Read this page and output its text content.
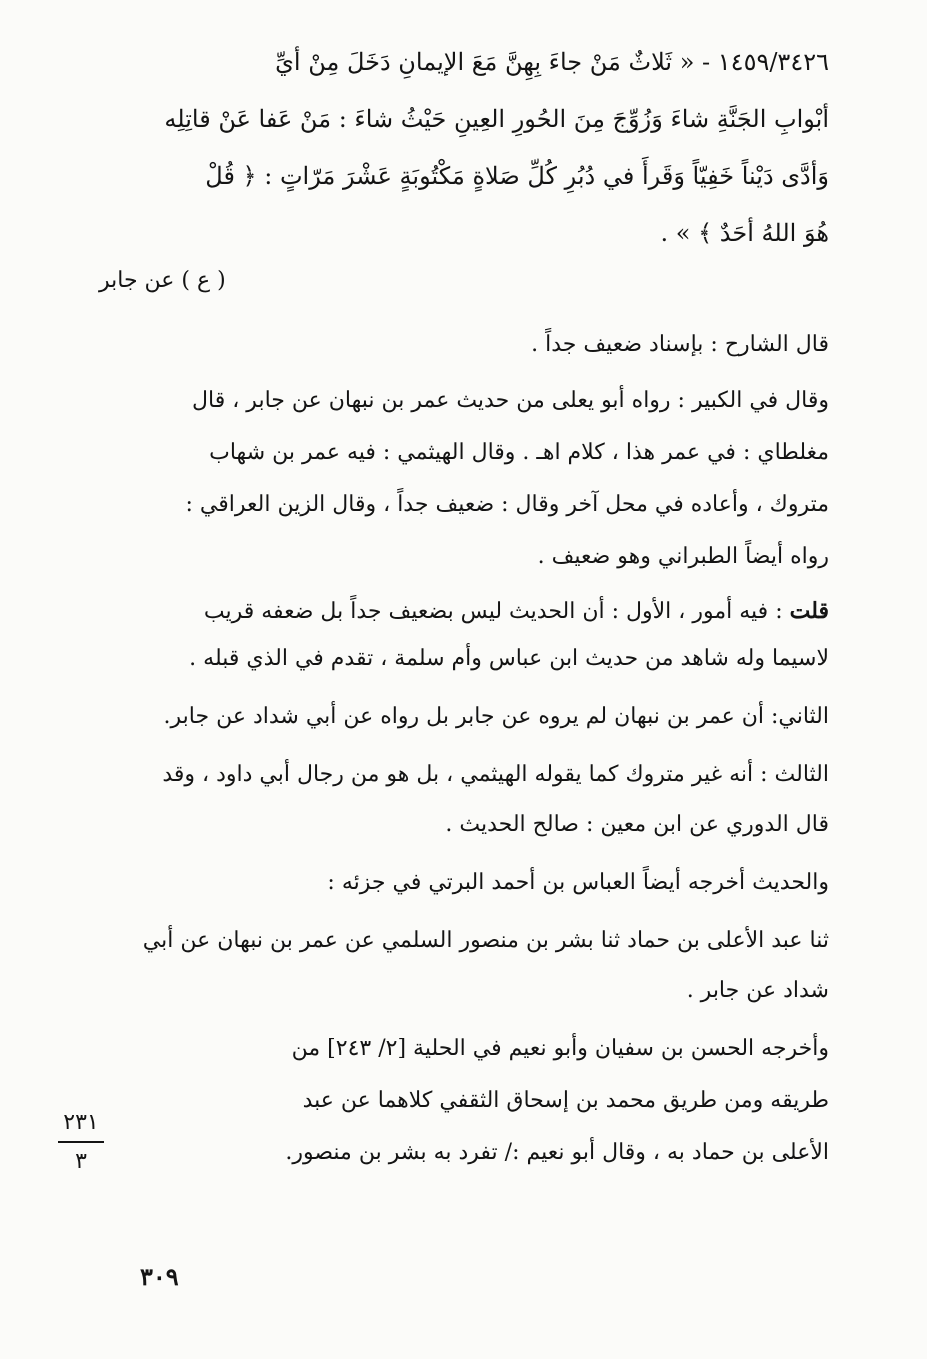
١٤٥٩/٣٤٢٦ - « ثَلاثٌ مَنْ جاءَ بِهِنَّ مَعَ الإيمانِ دَخَلَ مِنْ أيِّ
أبْوابِ الجَنَّةِ شاءَ وَزُوِّجَ مِنَ الحُورِ العِينِ حَيْثُ شاءَ : مَنْ عَفا عَنْ قاتِلِه
وَأدَّى دَيْناً خَفِيّاً وَقَرأَ في دُبُرِ كُلِّ صَلاةٍ مَكْتُوبَةٍ عَشْرَ مَرّاتٍ : ﴿ قُلْ
هُوَ اللهُ أحَدٌ ﴾ » .
( ع ) عن جابر
قال الشارح : بإسناد ضعيف جداً .
وقال في الكبير : رواه أبو يعلى من حديث عمر بن نبهان عن جابر ، قال
مغلطاي : في عمر هذا ، كلام اهـ . وقال الهيثمي : فيه عمر بن شهاب
متروك ، وأعاده في محل آخر وقال : ضعيف جداً ، وقال الزين العراقي :
رواه أيضاً الطبراني وهو ضعيف .
قلت : فيه أمور ، الأول : أن الحديث ليس بضعيف جداً بل ضعفه قريب
لاسيما وله شاهد من حديث ابن عباس وأم سلمة ، تقدم في الذي قبله .
الثاني: أن عمر بن نبهان لم يروه عن جابر بل رواه عن أبي شداد عن جابر.
الثالث : أنه غير متروك كما يقوله الهيثمي ، بل هو من رجال أبي داود ، وقد
قال الدوري عن ابن معين : صالح الحديث .
والحديث أخرجه أيضاً العباس بن أحمد البرتي في جزئه :
ثنا عبد الأعلى بن حماد ثنا بشر بن منصور السلمي عن عمر بن نبهان عن أبي
شداد عن جابر .
وأخرجه الحسن بن سفيان وأبو نعيم في الحلية [٢/ ٢٤٣] من
طريقه ومن طريق محمد بن إسحاق الثقفي كلاهما عن عبد
الأعلى بن حماد به ، وقال أبو نعيم :/ تفرد به بشر بن منصور.
٢٣١
٣
٣٠٩
